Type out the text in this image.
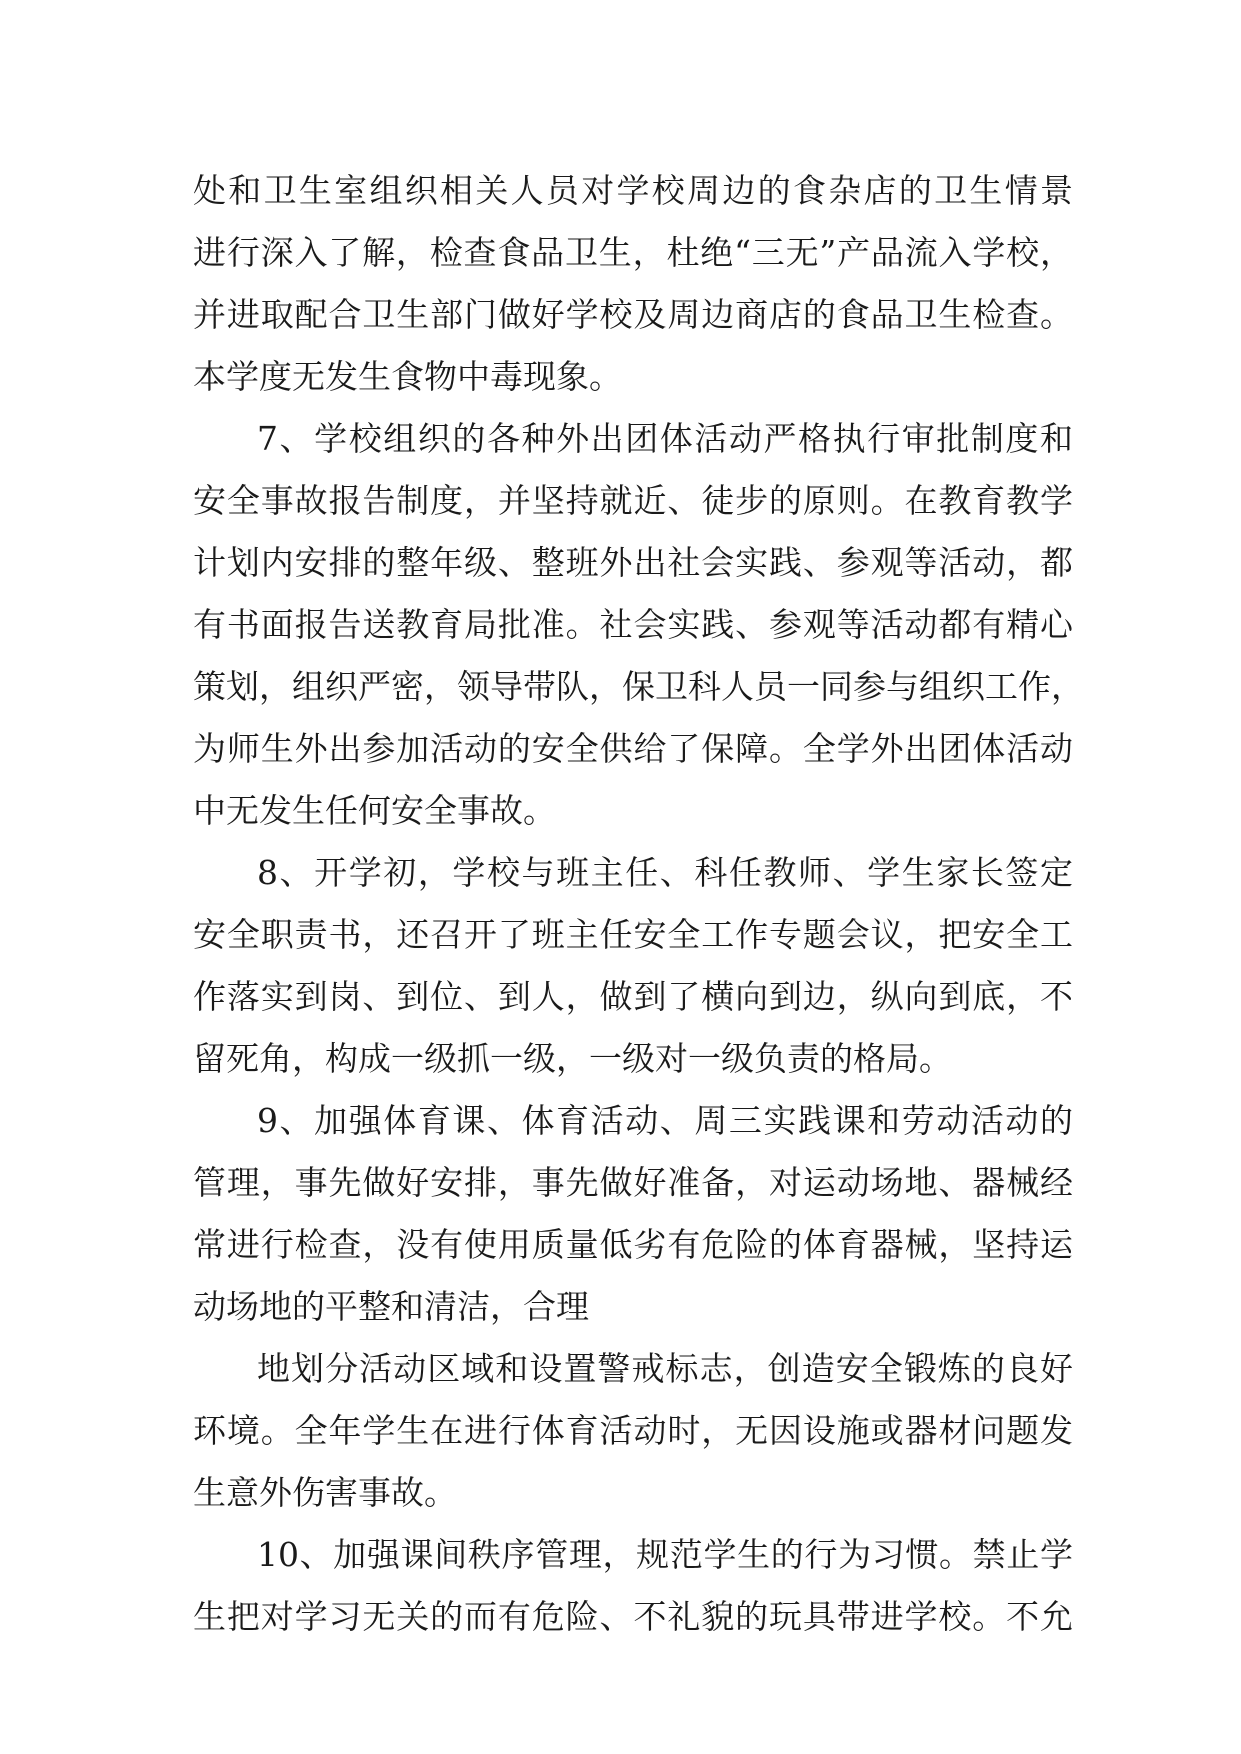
处和卫生室组织相关人员对学校周边的食杂店的卫生情景
进行深入了解，检查食品卫生，杜绝“三无”产品流入学校，
并进取配合卫生部门做好学校及周边商店的食品卫生检查。
本学度无发生食物中毒现象。
7、学校组织的各种外出团体活动严格执行审批制度和
安全事故报告制度，并坚持就近、徒步的原则。在教育教学
计划内安排的整年级、整班外出社会实践、参观等活动，都
有书面报告送教育局批准。社会实践、参观等活动都有精心
策划，组织严密，领导带队，保卫科人员一同参与组织工作，
为师生外出参加活动的安全供给了保障。全学外出团体活动
中无发生任何安全事故。
8、开学初，学校与班主任、科任教师、学生家长签定
安全职责书，还召开了班主任安全工作专题会议，把安全工
作落实到岗、到位、到人，做到了横向到边，纵向到底，不
留死角，构成一级抓一级，一级对一级负责的格局。
9、加强体育课、体育活动、周三实践课和劳动活动的
管理，事先做好安排，事先做好准备，对运动场地、器械经
常进行检查，没有使用质量低劣有危险的体育器械，坚持运
动场地的平整和清洁，合理
地划分活动区域和设置警戒标志，创造安全锻炼的良好
环境。全年学生在进行体育活动时，无因设施或器材问题发
生意外伤害事故。
10、加强课间秩序管理，规范学生的行为习惯。禁止学
生把对学习无关的而有危险、不礼貌的玩具带进学校。不允
